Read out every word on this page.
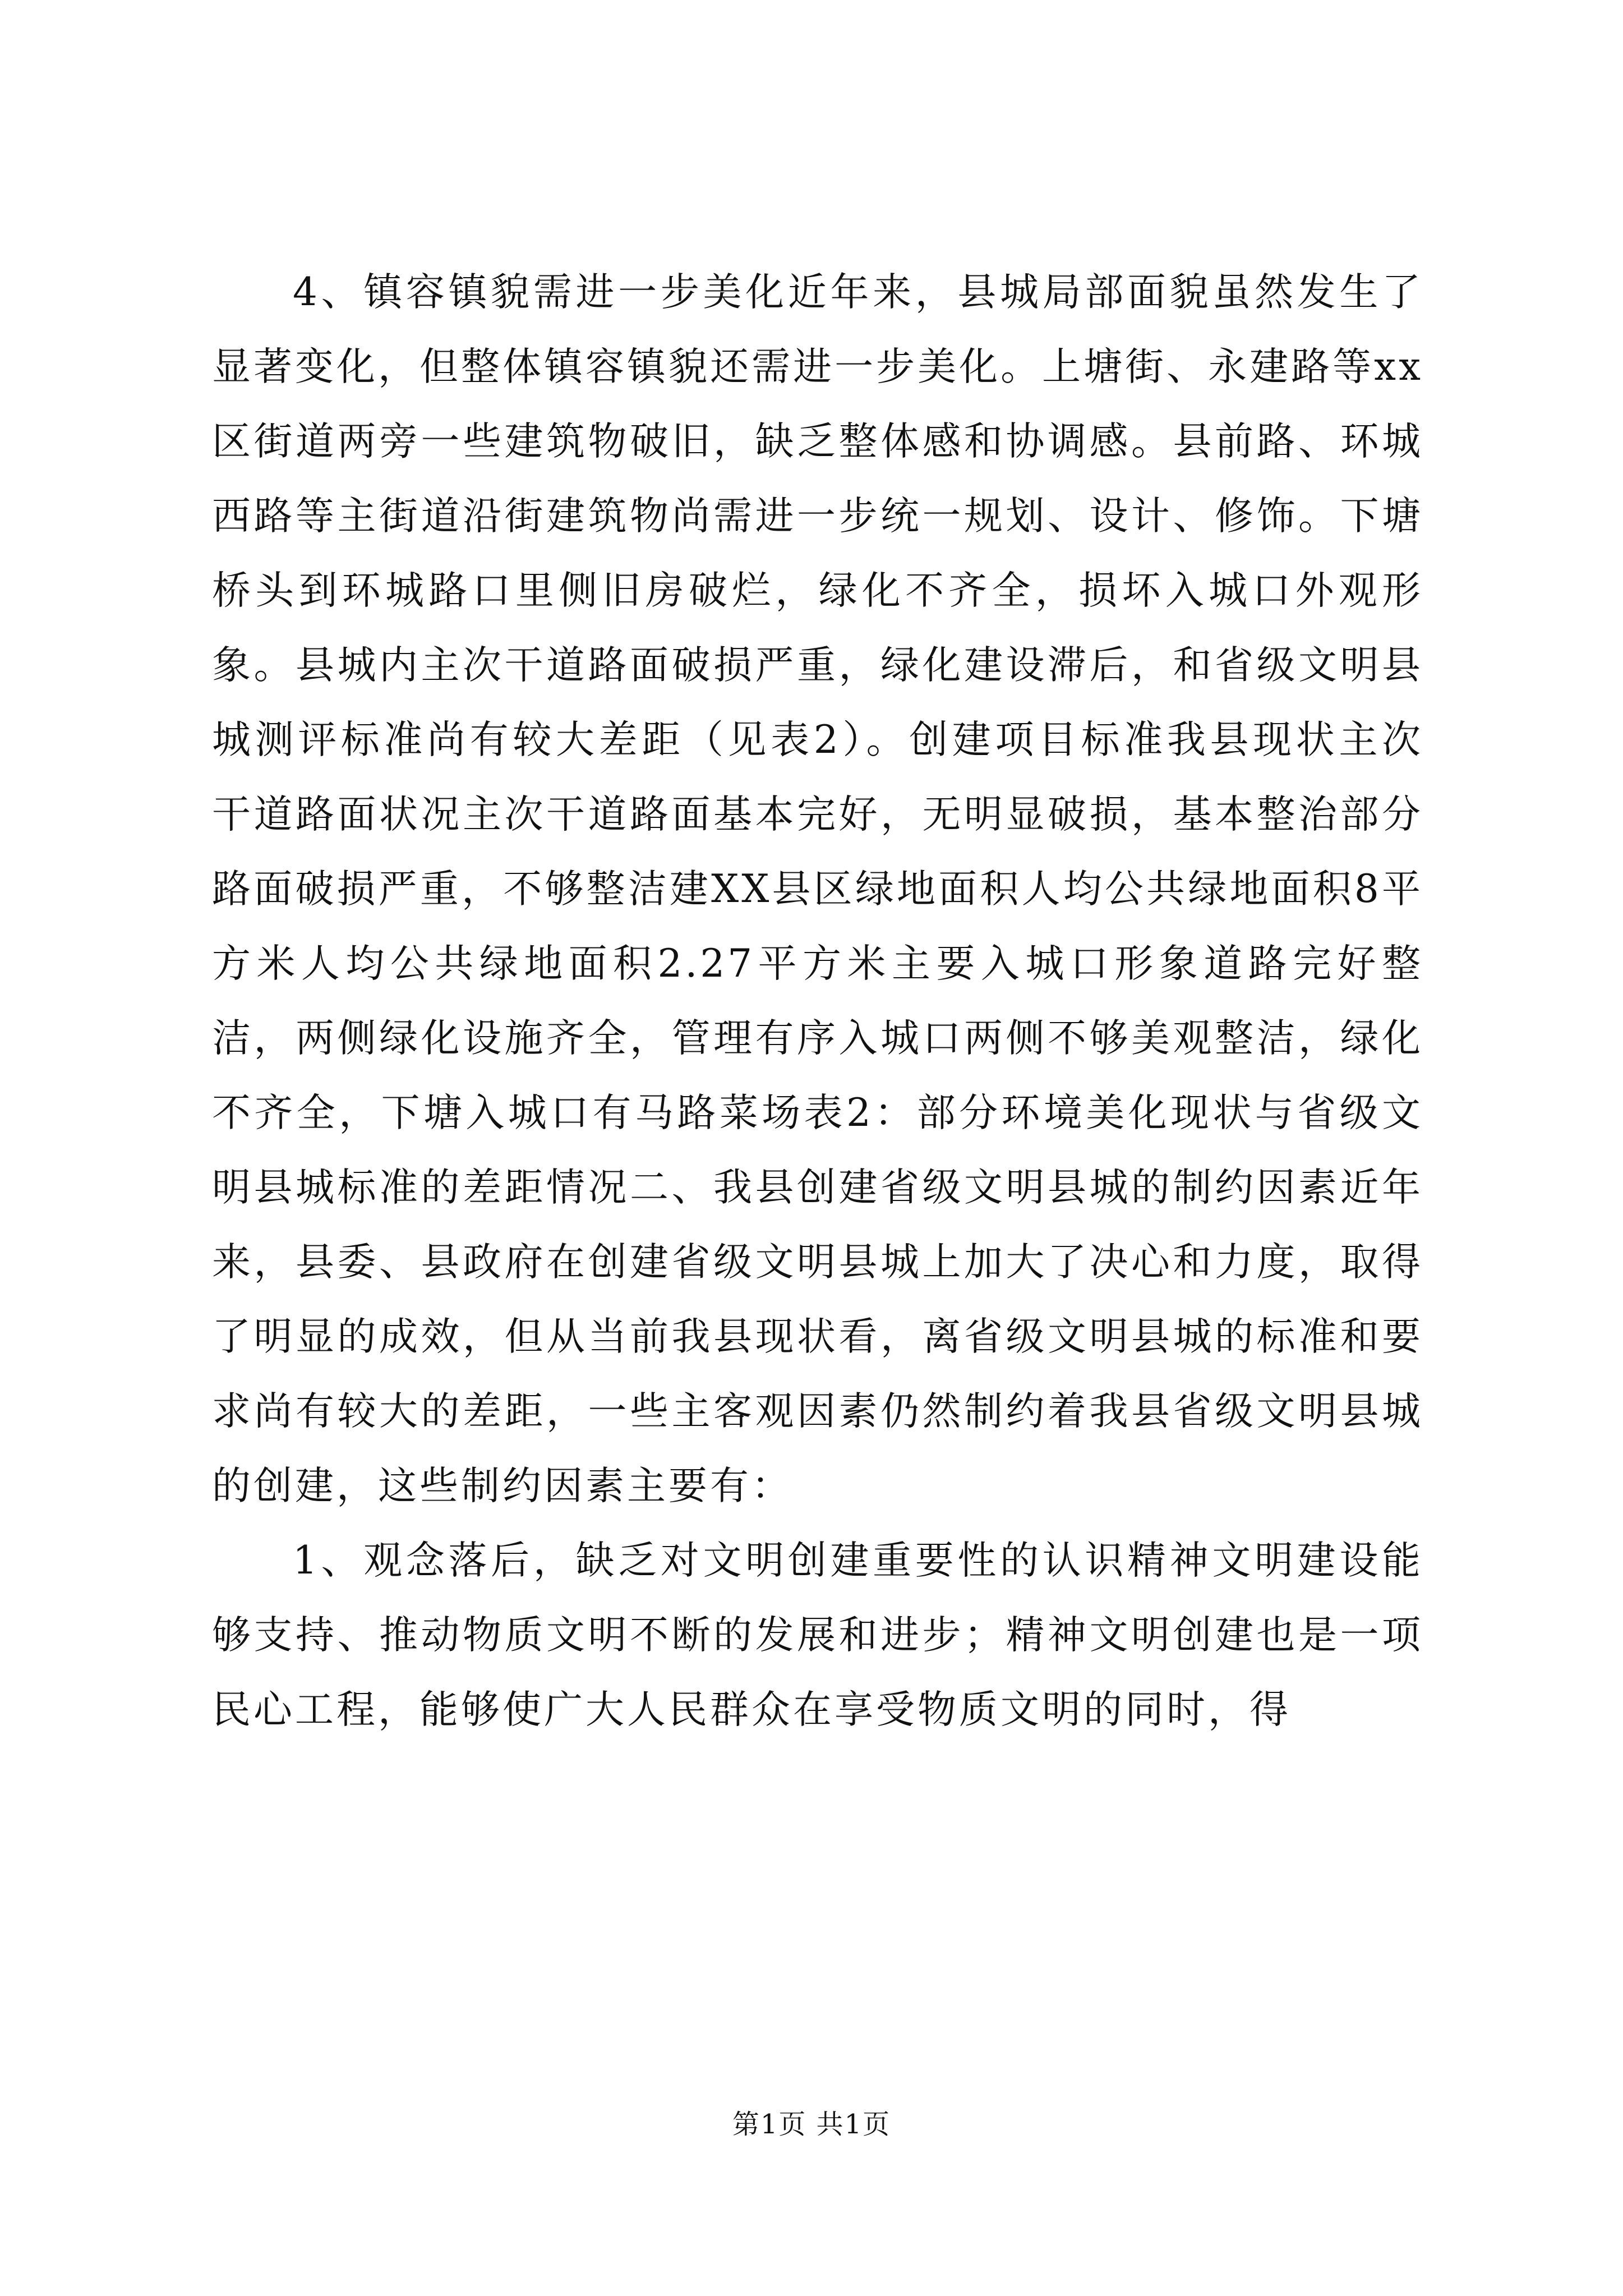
4、镇容镇貌需进一步美化近年来，县城局部面貌虽然发生了显著变化，但整体镇容镇貌还需进一步美化。上塘街、永建路等xx区街道两旁一些建筑物破旧，缺乏整体感和协调感。县前路、环城西路等主街道沿街建筑物尚需进一步统一规划、设计、修饰。下塘桥头到环城路口里侧旧房破烂，绿化不齐全，损坏入城口外观形象。县城内主次干道路面破损严重，绿化建设滞后，和省级文明县城测评标准尚有较大差距（见表2）。创建项目标准我县现状主次干道路面状况主次干道路面基本完好，无明显破损，基本整治部分路面破损严重，不够整洁建XX县区绿地面积人均公共绿地面积8平方米人均公共绿地面积2.27平方米主要入城口形象道路完好整洁，两侧绿化设施齐全，管理有序入城口两侧不够美观整洁，绿化不齐全，下塘入城口有马路菜场表2：部分环境美化现状与省级文明县城标准的差距情况二、我县创建省级文明县城的制约因素近年来，县委、县政府在创建省级文明县城上加大了决心和力度，取得了明显的成效，但从当前我县现状看，离省级文明县城的标准和要求尚有较大的差距，一些主客观因素仍然制约着我县省级文明县城的创建，这些制约因素主要有：

1、观念落后，缺乏对文明创建重要性的认识精神文明建设能够支持、推动物质文明不断的发展和进步；精神文明创建也是一项民心工程，能够使广大人民群众在享受物质文明的同时，得

第1页 共1页
